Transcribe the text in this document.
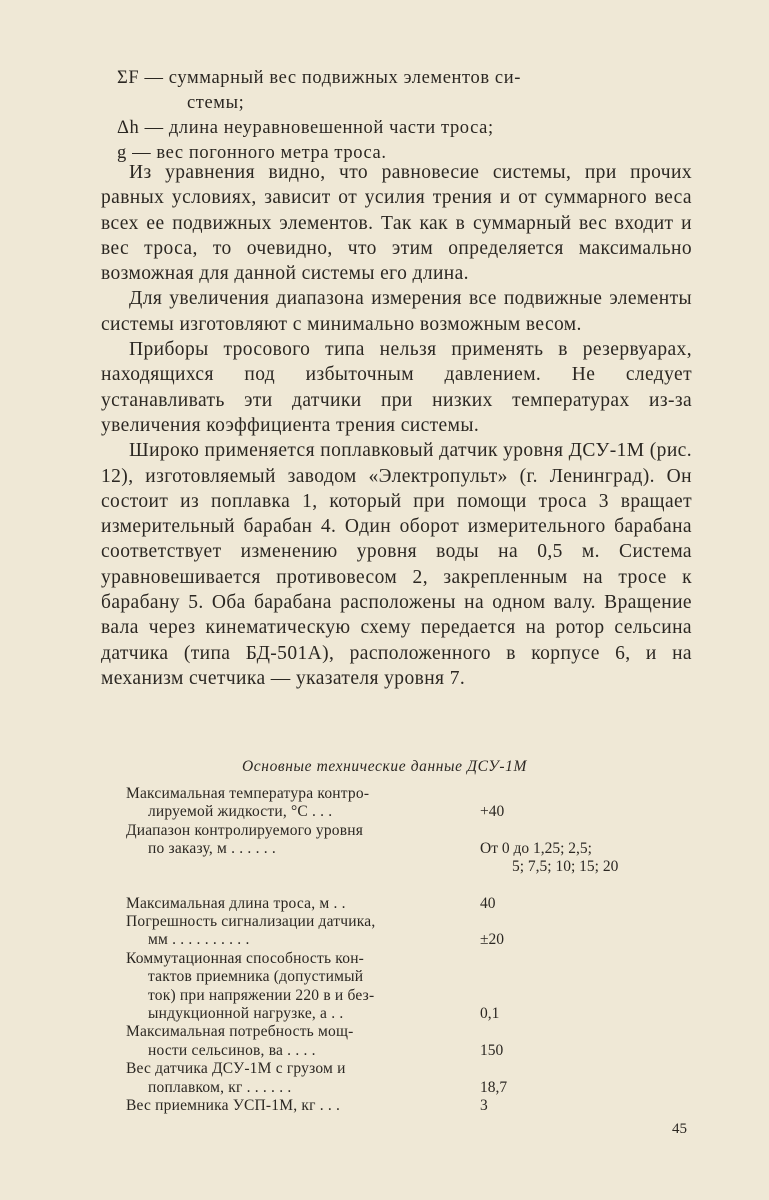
ΣF — суммарный вес подвижных элементов си-
стемы;
Δh — длина неуравновешенной части троса;
g — вес погонного метра троса.

Из уравнения видно, что равновесие системы, при прочих равных условиях, зависит от усилия трения и от суммарного веса всех ее подвижных элементов. Так как в суммарный вес входит и вес троса, то очевидно, что этим определяется максимально возможная для данной системы его длина.

Для увеличения диапазона измерения все подвижные элементы системы изготовляют с минимально возможным весом.

Приборы тросового типа нельзя применять в резервуарах, находящихся под избыточным давлением. Не следует устанавливать эти датчики при низких температурах из-за увеличения коэффициента трения системы.

Широко применяется поплавковый датчик уровня ДСУ-1М (рис. 12), изготовляемый заводом «Электропульт» (г. Ленинград). Он состоит из поплавка 1, который при помощи троса 3 вращает измерительный барабан 4. Один оборот измерительного барабана соответствует изменению уровня воды на 0,5 м. Система уравновешивается противовесом 2, закрепленным на тросе к барабану 5. Оба барабана расположены на одном валу. Вращение вала через кинематическую схему передается на ротор сельсина датчика (типа БД-501А), расположенного в корпусе 6, и на механизм счетчика — указателя уровня 7.

Основные технические данные ДСУ-1М
Максимальная температура контро-
лируемой жидкости, °С . . .	+40
Диапазон контролируемого уровня
по заказу, м . . . . . .	От 0 до 1,25; 2,5;
5; 7,5; 10; 15; 20
Максимальная длина троса, м . .	40
Погрешность сигнализации датчика,
мм . . . . . . . . . .	±20
Коммутационная способность кон-
тактов приемника (допустимый
ток) при напряжении 220 в и без-
ындукционной нагрузке, а . .	0,1
Максимальная потребность мощ-
ности сельсинов, ва . . . .	150
Вес датчика ДСУ-1М с грузом и
поплавком, кг . . . . . .	18,7
Вес приемника УСП-1М, кг . . .	3
45
